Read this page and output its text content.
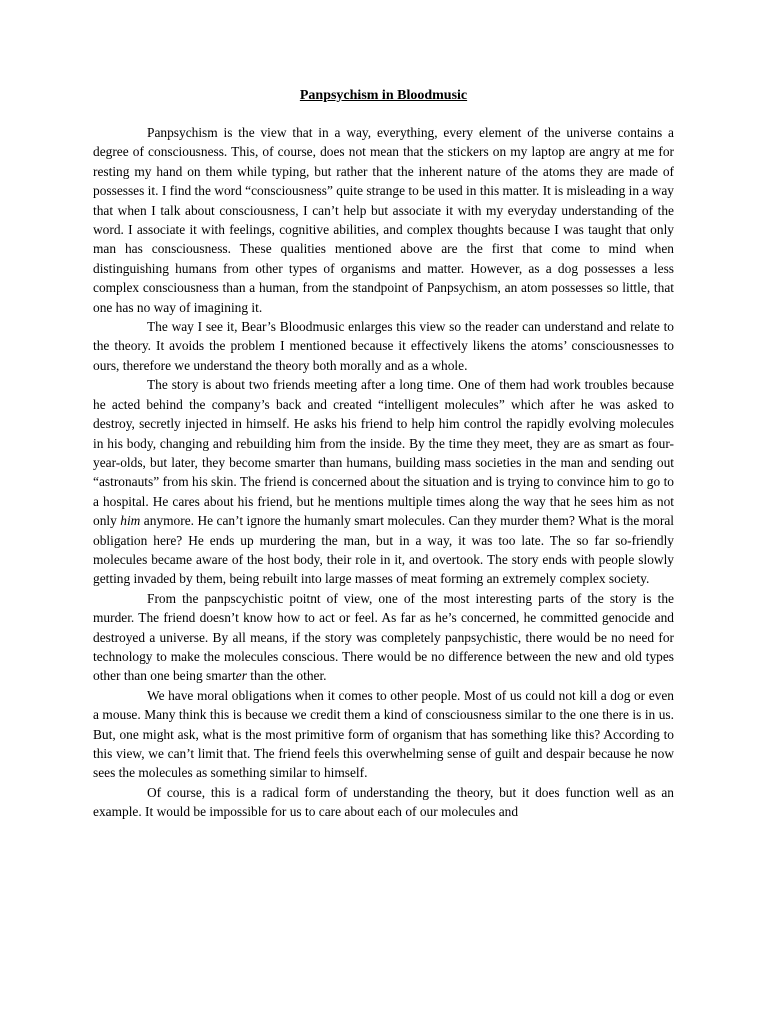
Panpsychism in Bloodmusic

Panpsychism is the view that in a way, everything, every element of the universe contains a degree of consciousness. This, of course, does not mean that the stickers on my laptop are angry at me for resting my hand on them while typing, but rather that the inherent nature of the atoms they are made of possesses it. I find the word “consciousness” quite strange to be used in this matter. It is misleading in a way that when I talk about consciousness, I can’t help but associate it with my everyday understanding of the word. I associate it with feelings, cognitive abilities, and complex thoughts because I was taught that only man has consciousness. These qualities mentioned above are the first that come to mind when distinguishing humans from other types of organisms and matter. However, as a dog possesses a less complex consciousness than a human, from the standpoint of Panpsychism, an atom possesses so little, that one has no way of imagining it.

The way I see it, Bear’s Bloodmusic enlarges this view so the reader can understand and relate to the theory. It avoids the problem I mentioned because it effectively likens the atoms’ consciousnesses to ours, therefore we understand the theory both morally and as a whole.

The story is about two friends meeting after a long time. One of them had work troubles because he acted behind the company’s back and created “intelligent molecules” which after he was asked to destroy, secretly injected in himself. He asks his friend to help him control the rapidly evolving molecules in his body, changing and rebuilding him from the inside. By the time they meet, they are as smart as four-year-olds, but later, they become smarter than humans, building mass societies in the man and sending out “astronauts” from his skin. The friend is concerned about the situation and is trying to convince him to go to a hospital. He cares about his friend, but he mentions multiple times along the way that he sees him as not only him anymore. He can’t ignore the humanly smart molecules. Can they murder them? What is the moral obligation here? He ends up murdering the man, but in a way, it was too late. The so far so-friendly molecules became aware of the host body, their role in it, and overtook. The story ends with people slowly getting invaded by them, being rebuilt into large masses of meat forming an extremely complex society.

From the panpscychistic poitnt of view, one of the most interesting parts of the story is the murder. The friend doesn’t know how to act or feel. As far as he’s concerned, he committed genocide and destroyed a universe. By all means, if the story was completely panpsychistic, there would be no need for technology to make the molecules conscious. There would be no difference between the new and old types other than one being smarter than the other.

We have moral obligations when it comes to other people. Most of us could not kill a dog or even a mouse. Many think this is because we credit them a kind of consciousness similar to the one there is in us. But, one might ask, what is the most primitive form of organism that has something like this? According to this view, we can’t limit that. The friend feels this overwhelming sense of guilt and despair because he now sees the molecules as something similar to himself.

Of course, this is a radical form of understanding the theory, but it does function well as an example. It would be impossible for us to care about each of our molecules and
